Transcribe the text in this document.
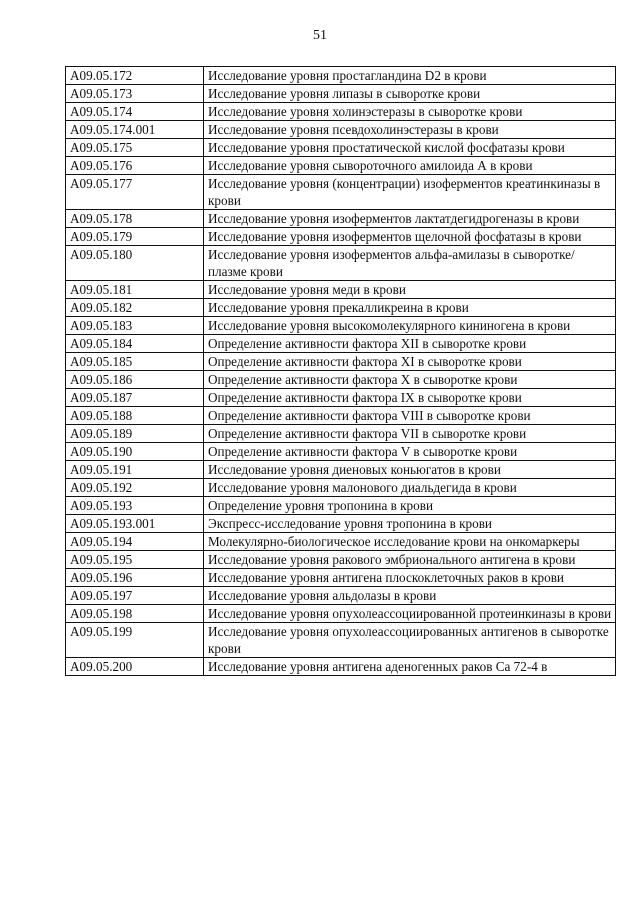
51
A09.05.172	Исследование уровня простагландина D2 в крови
A09.05.173	Исследование уровня липазы в сыворотке крови
A09.05.174	Исследование уровня холинэстеразы в сыворотке крови
A09.05.174.001	Исследование уровня псевдохолинэстеразы в крови
A09.05.175	Исследование уровня простатической кислой фосфатазы крови
A09.05.176	Исследование уровня сывороточного амилоида А в крови
A09.05.177	Исследование уровня (концентрации) изоферментов креатинкиназы в крови
A09.05.178	Исследование уровня изоферментов лактатдегидрогеназы в крови
A09.05.179	Исследование уровня изоферментов щелочной фосфатазы в крови
A09.05.180	Исследование уровня изоферментов альфа-амилазы в сыворотке/плазме крови
A09.05.181	Исследование уровня меди в крови
A09.05.182	Исследование уровня прекалликреина в крови
A09.05.183	Исследование уровня высокомолекулярного кининогена в крови
A09.05.184	Определение активности фактора XII в сыворотке крови
A09.05.185	Определение активности фактора XI в сыворотке крови
A09.05.186	Определение активности фактора X в сыворотке крови
A09.05.187	Определение активности фактора IX в сыворотке крови
A09.05.188	Определение активности фактора VIII в сыворотке крови
A09.05.189	Определение активности фактора VII в сыворотке крови
A09.05.190	Определение активности фактора V в сыворотке крови
A09.05.191	Исследование уровня диеновых коньюгатов в крови
A09.05.192	Исследование уровня малонового диальдегида в крови
A09.05.193	Определение уровня тропонина в крови
A09.05.193.001	Экспресс-исследование уровня тропонина в крови
A09.05.194	Молекулярно-биологическое исследование крови на онкомаркеры
A09.05.195	Исследование уровня ракового эмбрионального антигена в крови
A09.05.196	Исследование уровня антигена плоскоклеточных раков в крови
A09.05.197	Исследование уровня альдолазы в крови
A09.05.198	Исследование уровня опухолеассоциированной протеинкиназы в крови
A09.05.199	Исследование уровня опухолеассоциированных антигенов в сыворотке крови
A09.05.200	Исследование уровня антигена аденогенных раков Са 72-4 в
